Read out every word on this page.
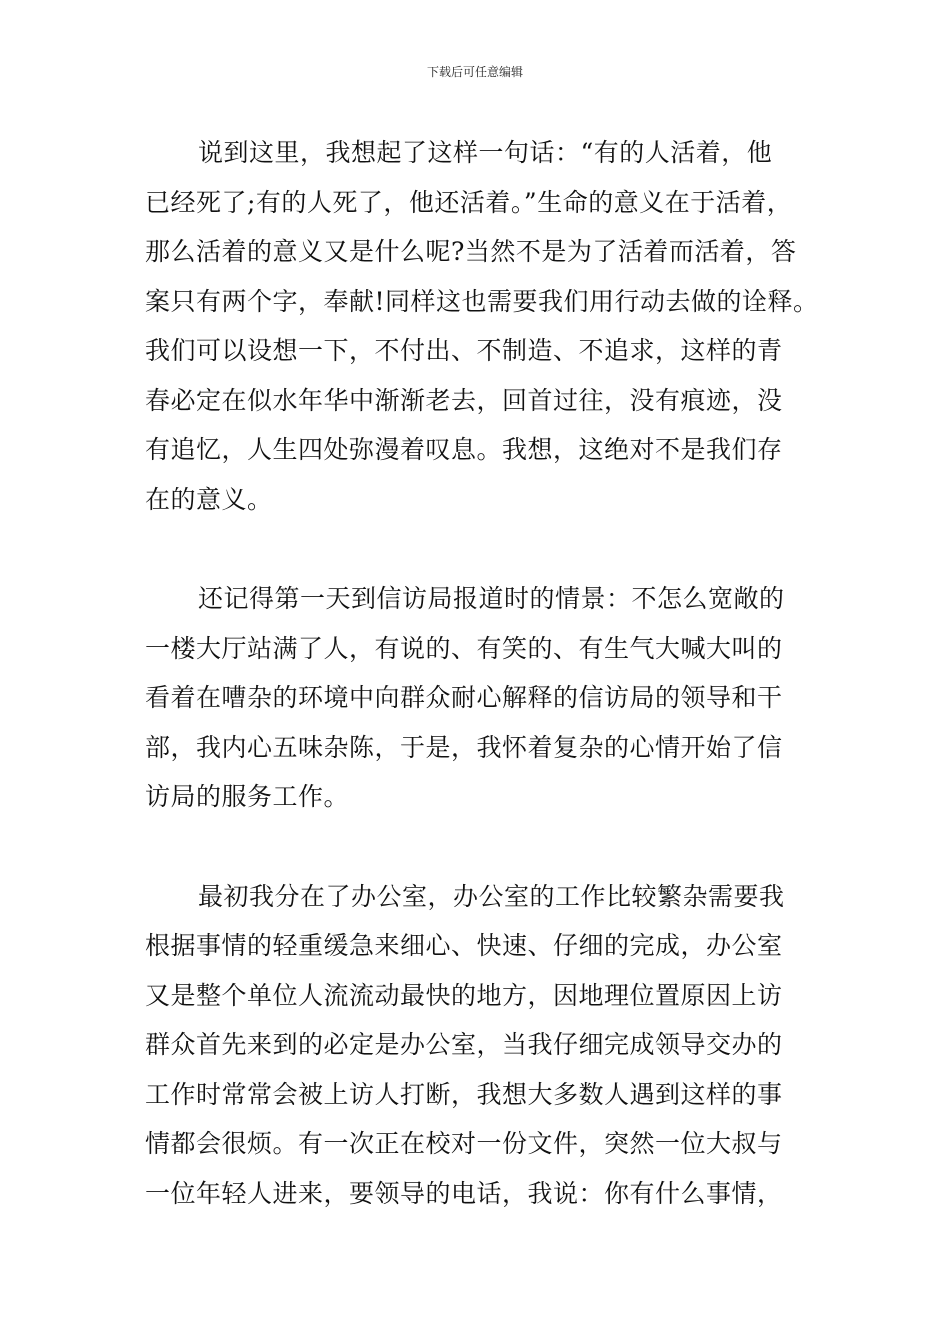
下载后可任意编辑

说到这里，我想起了这样一句话：“有的人活着，他
已经死了;有的人死了，他还活着。”生命的意义在于活着，
那么活着的意义又是什么呢?当然不是为了活着而活着，答
案只有两个字，奉献!同样这也需要我们用行动去做的诠释。
我们可以设想一下，不付出、不制造、不追求，这样的青
春必定在似水年华中渐渐老去，回首过往，没有痕迹，没
有追忆，人生四处弥漫着叹息。我想，这绝对不是我们存
在的意义。

还记得第一天到信访局报道时的情景：不怎么宽敞的
一楼大厅站满了人，有说的、有笑的、有生气大喊大叫的
看着在嘈杂的环境中向群众耐心解释的信访局的领导和干
部，我内心五味杂陈，于是，我怀着复杂的心情开始了信
访局的服务工作。

最初我分在了办公室，办公室的工作比较繁杂需要我
根据事情的轻重缓急来细心、快速、仔细的完成，办公室
又是整个单位人流流动最快的地方，因地理位置原因上访
群众首先来到的必定是办公室，当我仔细完成领导交办的
工作时常常会被上访人打断，我想大多数人遇到这样的事
情都会很烦。有一次正在校对一份文件，突然一位大叔与
一位年轻人进来，要领导的电话，我说：你有什么事情，
